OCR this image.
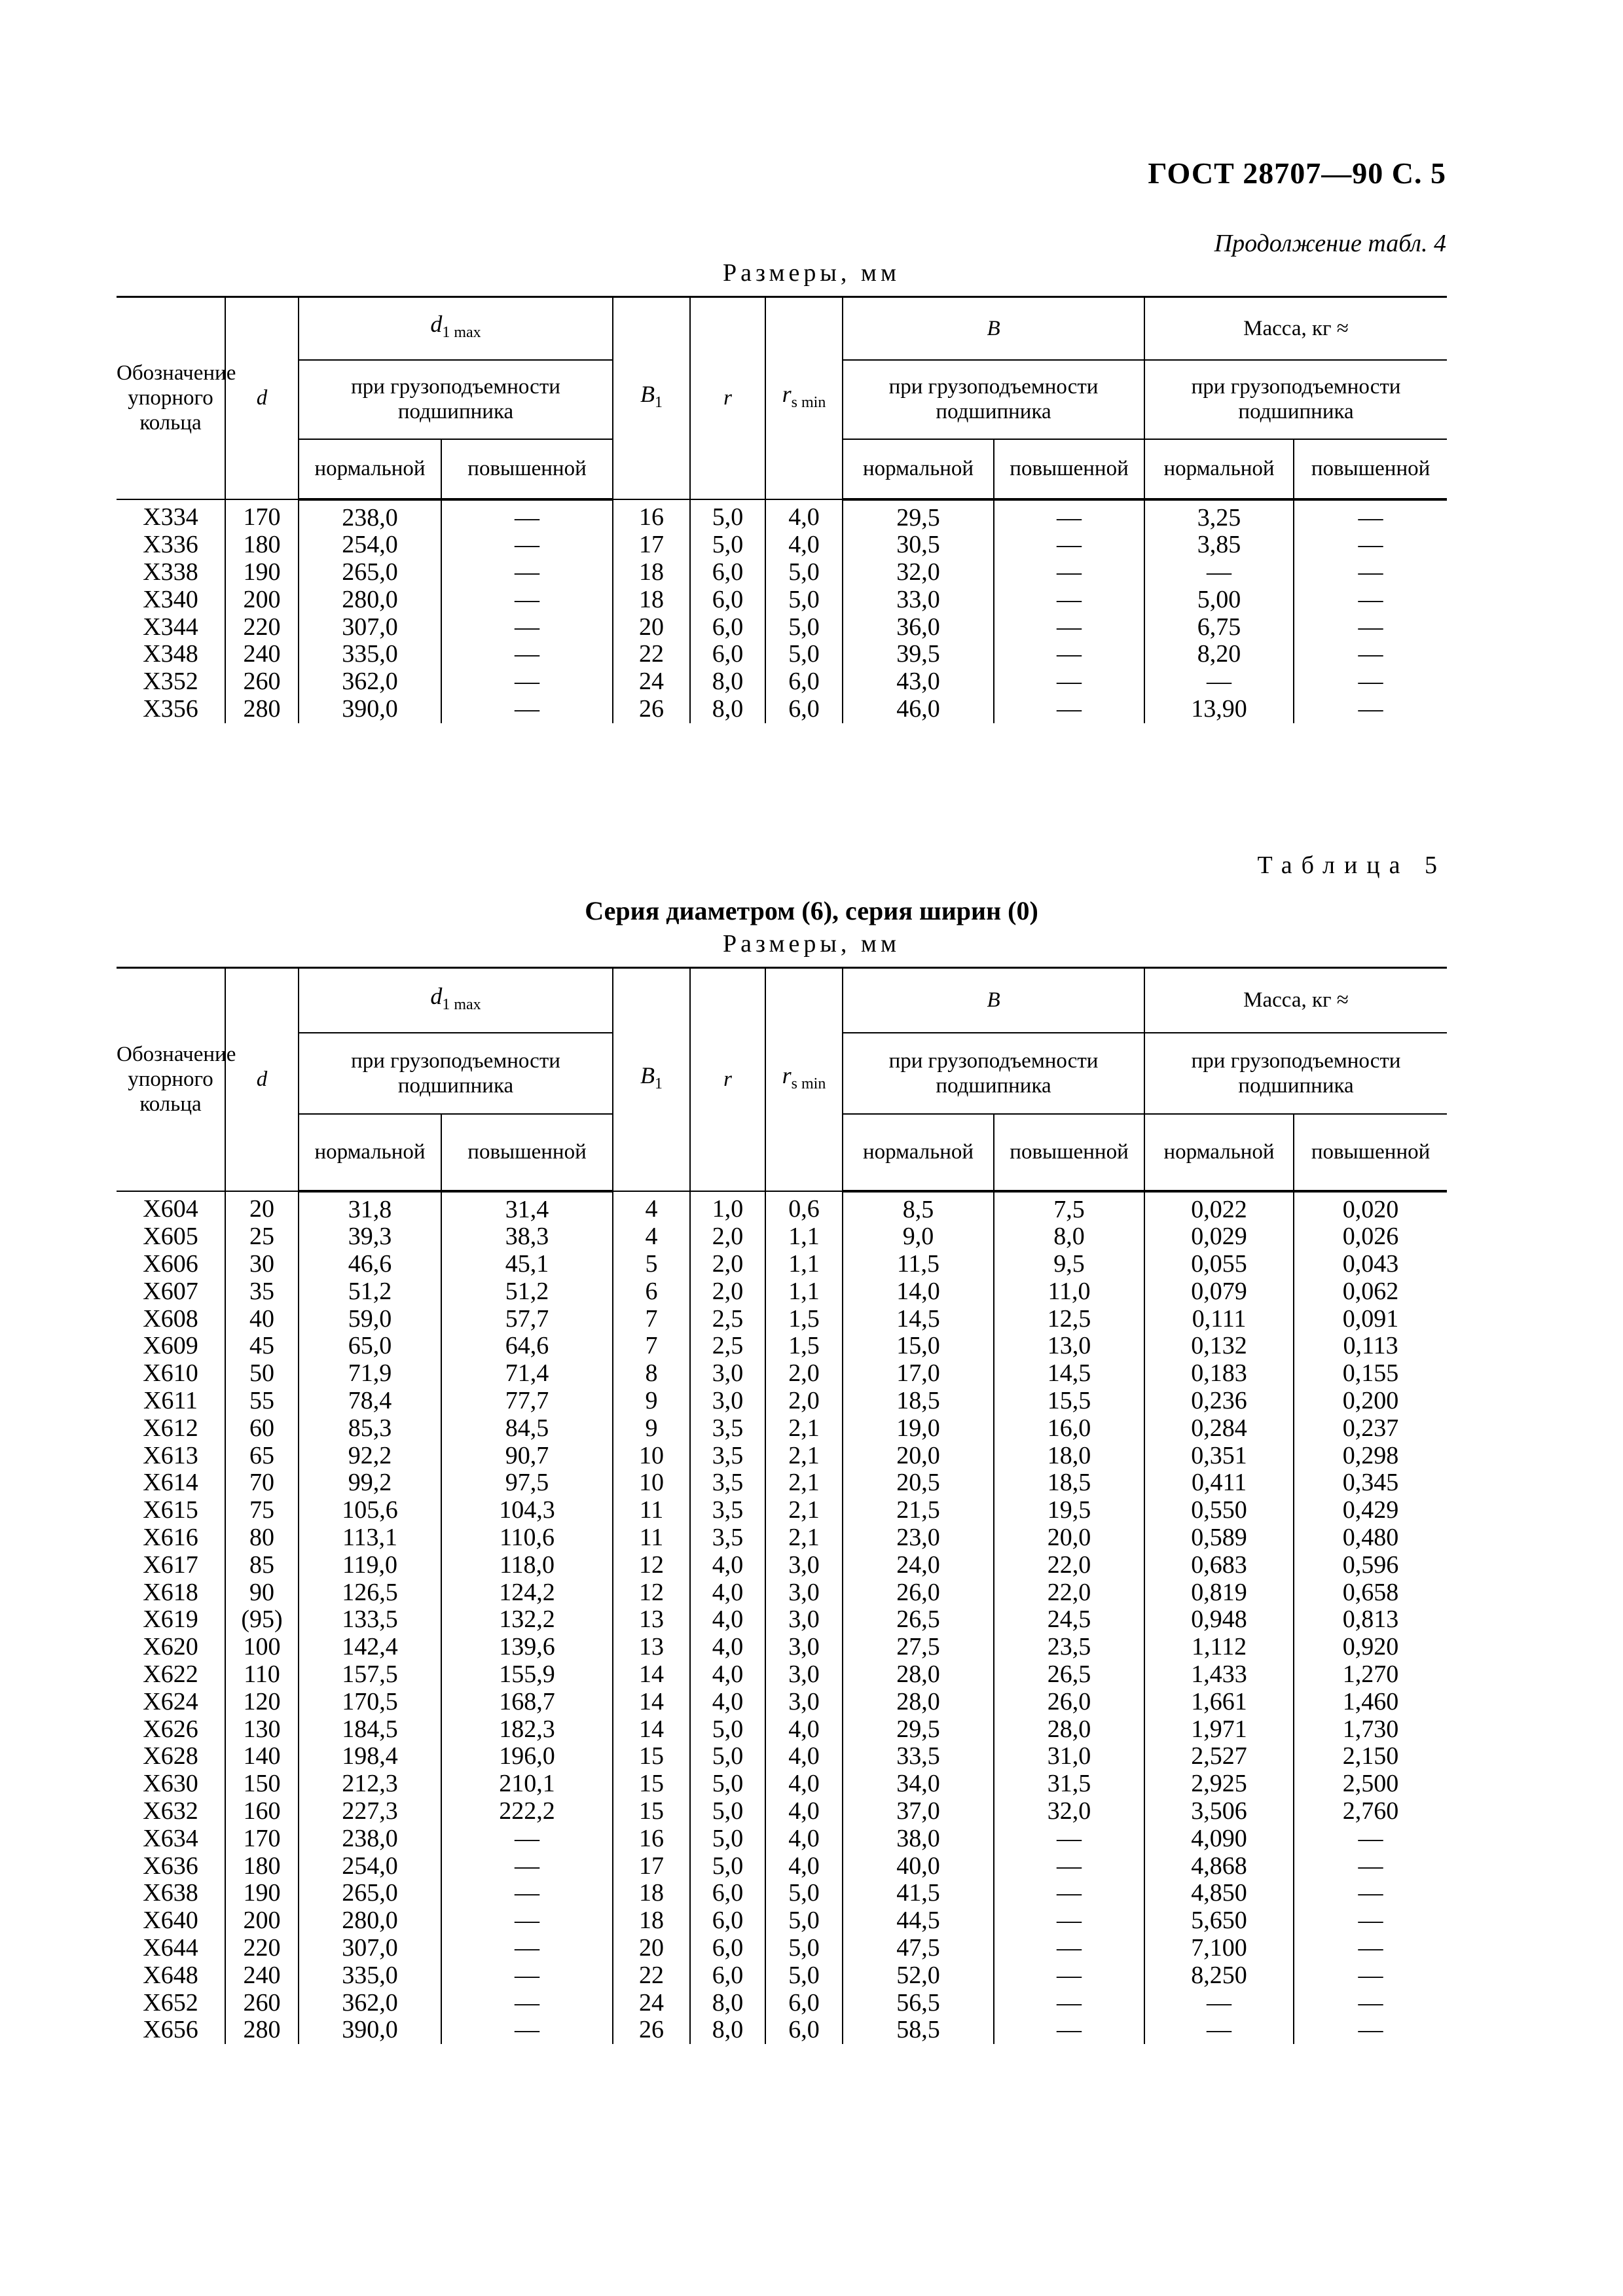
ГОСТ 28707—90 С. 5
Продолжение табл. 4
Размеры, мм
Обозначение упорного кольца	d	$d_{1 max}$		$B_1$	r	$r_{s min}$	B		Масса, кг ≈	
		при грузоподъемности подшипника					при грузоподъемности подшипника		при грузоподъемности подшипника	
		нормальной	повышенной				нормальной	повышенной	нормальной	повышенной
X334	170	238,0	—	16	5,0	4,0	29,5	—	3,25	—
X336	180	254,0	—	17	5,0	4,0	30,5	—	3,85	—
X338	190	265,0	—	18	6,0	5,0	32,0	—	—	—
X340	200	280,0	—	18	6,0	5,0	33,0	—	5,00	—
X344	220	307,0	—	20	6,0	5,0	36,0	—	6,75	—
X348	240	335,0	—	22	6,0	5,0	39,5	—	8,20	—
X352	260	362,0	—	24	8,0	6,0	43,0	—	—	—
X356	280	390,0	—	26	8,0	6,0	46,0	—	13,90	—
Таблица 5
Серия диаметром (6), серия ширин (0)
Размеры, мм
Обозначение упорного кольца	d	$d_{1 max}$		$B_1$	r	$r_{s min}$	B		Масса, кг ≈	
		при грузоподъемности подшипника					при грузоподъемности подшипника		при грузоподъемности подшипника	
		нормальной	повышенной				нормальной	повышенной	нормальной	повышенной
X604	20	31,8	31,4	4	1,0	0,6	8,5	7,5	0,022	0,020
X605	25	39,3	38,3	4	2,0	1,1	9,0	8,0	0,029	0,026
X606	30	46,6	45,1	5	2,0	1,1	11,5	9,5	0,055	0,043
X607	35	51,2	51,2	6	2,0	1,1	14,0	11,0	0,079	0,062
X608	40	59,0	57,7	7	2,5	1,5	14,5	12,5	0,111	0,091
X609	45	65,0	64,6	7	2,5	1,5	15,0	13,0	0,132	0,113
X610	50	71,9	71,4	8	3,0	2,0	17,0	14,5	0,183	0,155
X611	55	78,4	77,7	9	3,0	2,0	18,5	15,5	0,236	0,200
X612	60	85,3	84,5	9	3,5	2,1	19,0	16,0	0,284	0,237
X613	65	92,2	90,7	10	3,5	2,1	20,0	18,0	0,351	0,298
X614	70	99,2	97,5	10	3,5	2,1	20,5	18,5	0,411	0,345
X615	75	105,6	104,3	11	3,5	2,1	21,5	19,5	0,550	0,429
X616	80	113,1	110,6	11	3,5	2,1	23,0	20,0	0,589	0,480
X617	85	119,0	118,0	12	4,0	3,0	24,0	22,0	0,683	0,596
X618	90	126,5	124,2	12	4,0	3,0	26,0	22,0	0,819	0,658
X619	(95)	133,5	132,2	13	4,0	3,0	26,5	24,5	0,948	0,813
X620	100	142,4	139,6	13	4,0	3,0	27,5	23,5	1,112	0,920
X622	110	157,5	155,9	14	4,0	3,0	28,0	26,5	1,433	1,270
X624	120	170,5	168,7	14	4,0	3,0	28,0	26,0	1,661	1,460
X626	130	184,5	182,3	14	5,0	4,0	29,5	28,0	1,971	1,730
X628	140	198,4	196,0	15	5,0	4,0	33,5	31,0	2,527	2,150
X630	150	212,3	210,1	15	5,0	4,0	34,0	31,5	2,925	2,500
X632	160	227,3	222,2	15	5,0	4,0	37,0	32,0	3,506	2,760
X634	170	238,0	—	16	5,0	4,0	38,0	—	4,090	—
X636	180	254,0	—	17	5,0	4,0	40,0	—	4,868	—
X638	190	265,0	—	18	6,0	5,0	41,5	—	4,850	—
X640	200	280,0	—	18	6,0	5,0	44,5	—	5,650	—
X644	220	307,0	—	20	6,0	5,0	47,5	—	7,100	—
X648	240	335,0	—	22	6,0	5,0	52,0	—	8,250	—
X652	260	362,0	—	24	8,0	6,0	56,5	—	—	—
X656	280	390,0	—	26	8,0	6,0	58,5	—	—	—
